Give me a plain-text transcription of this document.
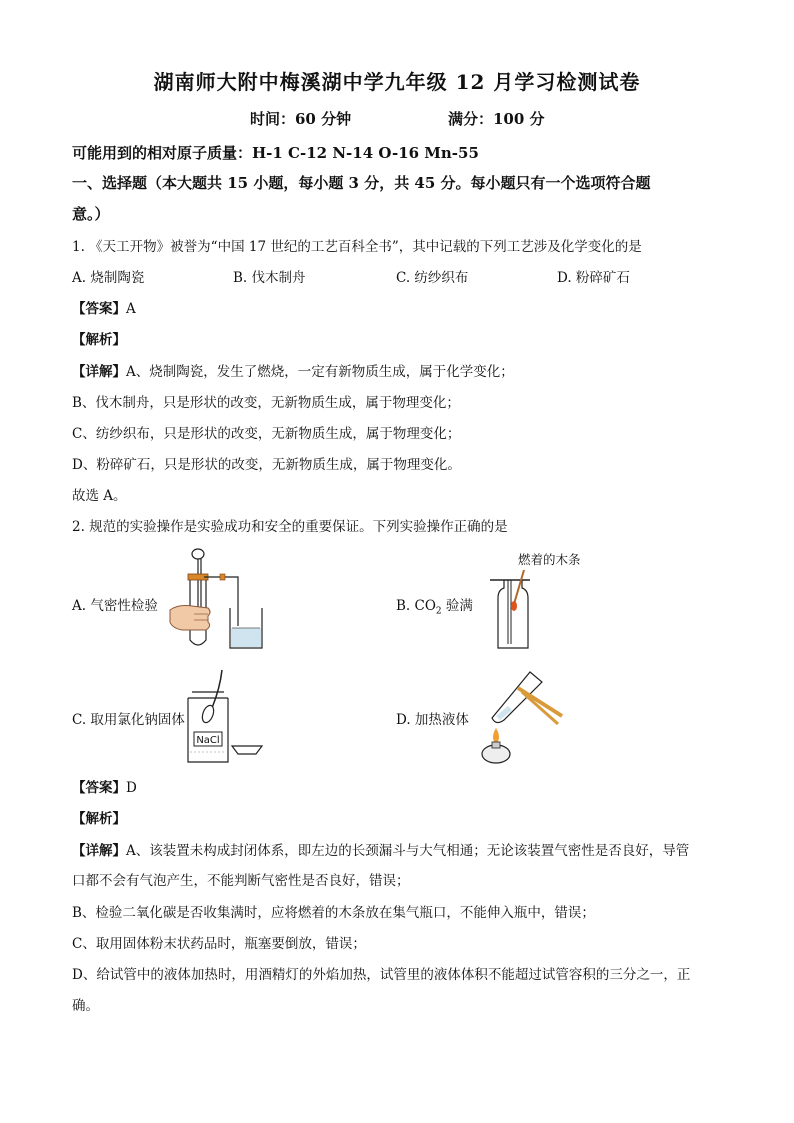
湖南师大附中梅溪湖中学九年级 12 月学习检测试卷
时间：60 分钟	满分：100 分
可能用到的相对原子质量：H-1 C-12 N-14 O-16 Mn-55
一、选择题（本大题共 15 小题，每小题 3 分，共 45 分。每小题只有一个选项符合题
意。）
1. 《天工开物》被誉为“中国 17 世纪的工艺百科全书”，其中记载的下列工艺涉及化学变化的是
A. 烧制陶瓷	B. 伐木制舟	C. 纺纱织布	D. 粉碎矿石
【答案】A
【解析】
【详解】A、烧制陶瓷，发生了燃烧，一定有新物质生成，属于化学变化；
B、伐木制舟，只是形状的改变，无新物质生成，属于物理变化；
C、纺纱织布，只是形状的改变，无新物质生成，属于物理变化；
D、粉碎矿石，只是形状的改变，无新物质生成，属于物理变化。
故选 A。
2. 规范的实验操作是实验成功和安全的重要保证。下列实验操作正确的是
A. 气密性检验	B. $CO_2$ 验满
燃着的木条
C. 取用氯化钠固体
NaCl
D. 加热液体
【答案】D
【解析】
【详解】A、该装置未构成封闭体系，即左边的长颈漏斗与大气相通；无论该装置气密性是否良好，导管
口都不会有气泡产生，不能判断气密性是否良好，错误；
B、检验二氧化碳是否收集满时，应将燃着的木条放在集气瓶口，不能伸入瓶中，错误；
C、取用固体粉末状药品时，瓶塞要倒放，错误；
D、给试管中的液体加热时，用酒精灯的外焰加热，试管里的液体体积不能超过试管容积的三分之一，正
确。
